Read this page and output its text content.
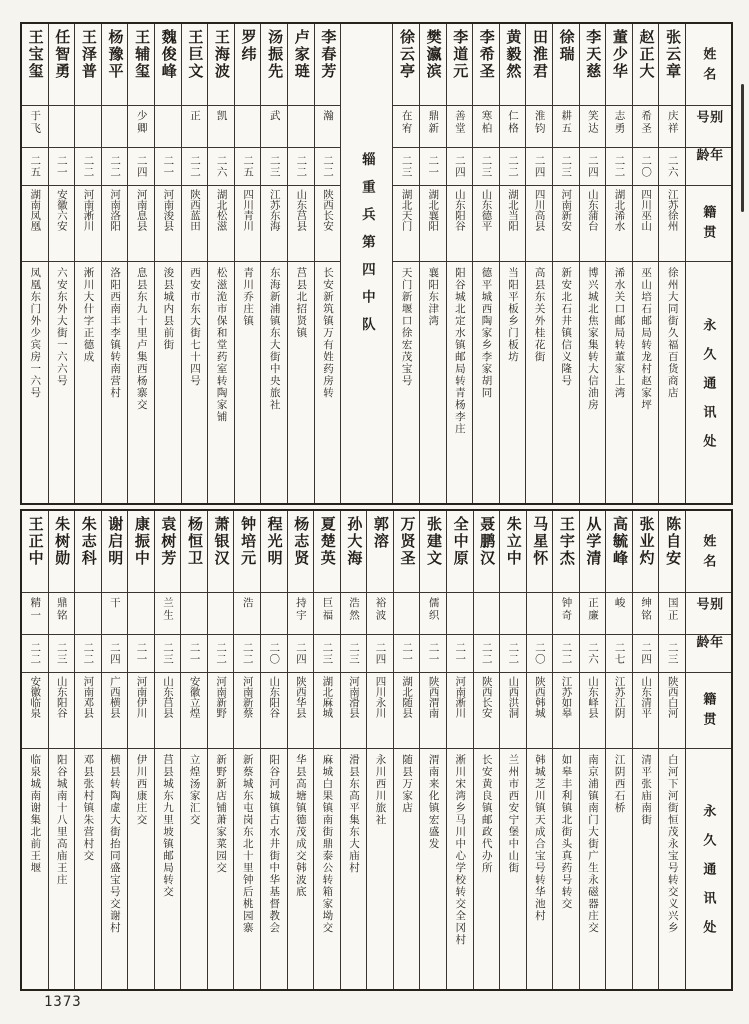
姓名
别号
年龄
籍贯
永久通讯处
张云章
庆祥
二六
江苏徐州
徐州大同街久福百货商店
赵正大
希圣
二〇
四川巫山
巫山培石邮局转龙村赵家坪
董少华
志勇
二二
湖北浠水
浠水关口邮局转董家上湾
李天慈
笑达
二四
山东蒲台
博兴城北焦家集转大信油房
徐瑞
耕五
二三
河南新安
新安北石井镇信义隆号
田淮君
淮钧
二四
四川高县
高县东关外桂花街
黄毅然
仁格
二二
湖北当阳
当阳平板乡门板坊
李希圣
寒柏
二三
山东德平
德平城西陶家乡李家胡同
李道元
善堂
二四
山东阳谷
阳谷城北定水镇邮局转青杨李庄
樊瀛滨
鼎新
二一
湖北襄阳
襄阳东津湾
徐云亭
在宥
二三
湖北天门
天门新堰口徐宏茂宝号
辎重兵第四中队
李春芳
瀚
二二
陕西长安
长安新筑镇万有姓药房转
卢家琏
二二
山东莒县
莒县北招贤镇
汤振先
武
二三
江苏东海
东海新浦镇东大街中央旅社
罗纬
二五
四川青川
青川乔庄镇
王海波
凯
二六
湖北松滋
松滋洈市保和堂药室转陶家铺
王巨文
正
二二
陕西蓝田
西安市东大街七十四号
魏俊峰
二一
河南浚县
浚县城内县前街
王辅玺
少卿
二四
河南息县
息县东九十里卢集西杨寨交
杨豫平
二二
河南洛阳
洛阳西南丰李镇转南营村
王泽普
二二
河南淅川
淅川大什字正德成
任智勇
二一
安徽六安
六安东外大街一六六号
王宝玺
于飞
二五
湖南凤凰
凤凰东门外少宾房一六号
姓名
别号
年龄
籍贯
永久通讯处
陈自安
国正
二三
陕西白河
白河下河街恒茂永宝号转交义兴乡
张业灼
绅铭
二四
山东清平
清平张庙南街
高毓峰
峻
二七
江苏江阴
江阴西石桥
从学清
正廉
二六
山东峄县
南京浦镇南门大街广生永磁器庄交
王宇杰
钟奇
二二
江苏如皋
如皋丰利镇北街头真药号转交
马星怀
二〇
陕西韩城
韩城芝川镇天成合宝号转华池村
朱立中
二二
山西洪洞
兰州市西安宁堡中山街
聂鹏汉
二二
陕西长安
长安黄良镇邮政代办所
全中原
二一
河南淅川
淅川宋湾乡马川中心学校转交全冈村
张建文
儒织
二一
陕西渭南
渭南来化镇宏盛发
万贤圣
二一
湖北随县
随县万家店
郭溶
裕波
二四
四川永川
永川西川旅社
孙大海
浩然
二三
河南滑县
滑县东高平集东大庙村
夏楚英
巨福
二三
湖北麻城
麻城白果镇南街鼎泰公转箱家坳交
杨志贤
持宇
二四
陕西华县
华县高塘镇德茂成交韩波底
程光明
二〇
山东阳谷
阳谷河城镇古水井街中华基督教会
钟培元
浩
二二
河南新蔡
新蔡城东屯岗东北十里钟后桃园寨
萧银汉
二二
河南新野
新野新店铺萧家菜园交
杨恒卫
二一
安徽立煌
立煌汤家汇交
袁树芳
兰生
二三
山东莒县
莒县城东九里坡镇邮局转交
康振中
二一
河南伊川
伊川西康庄交
谢启明
干
二四
广西横县
横县转陶虚大街抬同盛宝号交谢村
朱志科
二二
河南邓县
邓县张村镇朱营村交
朱树勋
鼎铭
二三
山东阳谷
阳谷城南十八里高庙王庄
王正中
精一
二二
安徽临泉
临泉城南谢集北前王堰
1373
